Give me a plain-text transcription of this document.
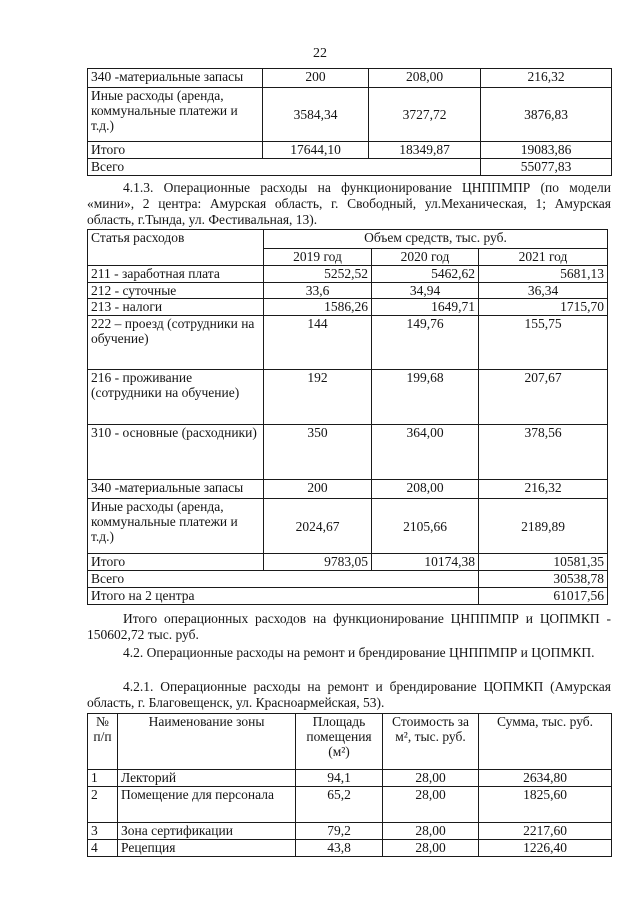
22
340 -материальные запасы	200	208,00	216,32
Иные расходы (аренда, коммунальные платежи и т.д.)	3584,34	3727,72	3876,83
Итого	17644,10	18349,87	19083,86
Всего			55077,83
4.1.3. Операционные расходы на функционирование ЦНППМПР (по модели «мини», 2 центра: Амурская область, г. Свободный, ул.Механическая, 1; Амурская область, г.Тында, ул. Фестивальная, 13).
Статья расходов	Объем средств, тыс. руб.		
	2019 год	2020 год	2021 год
211 - заработная плата	5252,52	5462,62	5681,13
212 - суточные	33,6	34,94	36,34
213 - налоги	1586,26	1649,71	1715,70
222 – проезд (сотрудники на обучение)	144	149,76	155,75
216 - проживание (сотрудники на обучение)	192	199,68	207,67
310 - основные (расходники)	350	364,00	378,56
340 -материальные запасы	200	208,00	216,32
Иные расходы (аренда, коммунальные платежи и т.д.)	2024,67	2105,66	2189,89
Итого	9783,05	10174,38	10581,35
Всего			30538,78
Итого на 2 центра			61017,56
Итого операционных расходов на функционирование ЦНППМПР и ЦОПМКП - 150602,72 тыс. руб.
4.2. Операционные расходы на ремонт и брендирование ЦНППМПР и ЦОПМКП.
4.2.1. Операционные расходы на ремонт и брендирование ЦОПМКП (Амурская область, г. Благовещенск, ул. Красноармейская, 53).
№ п/п	Наименование зоны	Площадь помещения (м²)	Стоимость за м², тыс. руб.	Сумма, тыс. руб.
1	Лекторий	94,1	28,00	2634,80
2	Помещение для персонала	65,2	28,00	1825,60
3	Зона сертификации	79,2	28,00	2217,60
4	Рецепция	43,8	28,00	1226,40
